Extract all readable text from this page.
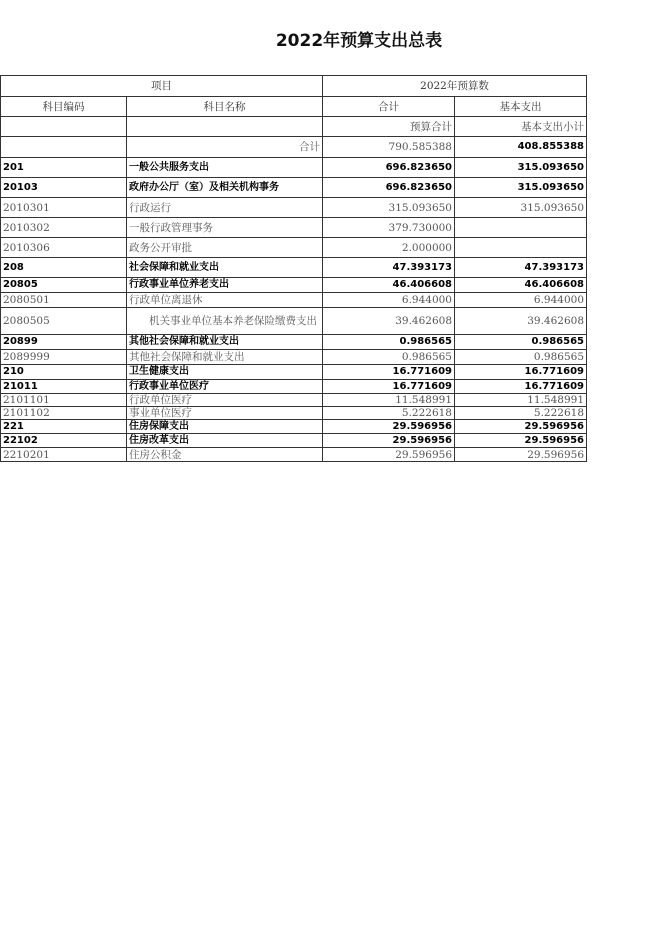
2022年预算支出总表
项目		2022年预算数	
科目编码	科目名称	合计	基本支出
		预算合计	基本支出小计
	合计	790.585388	408.855388
201	一般公共服务支出	696.823650	315.093650
20103	政府办公厅（室）及相关机构事务	696.823650	315.093650
2010301	行政运行	315.093650	315.093650
2010302	一般行政管理事务	379.730000	
2010306	政务公开审批	2.000000	
208	社会保障和就业支出	47.393173	47.393173
20805	行政事业单位养老支出	46.406608	46.406608
2080501	行政单位离退休	6.944000	6.944000
2080505	机关事业单位基本养老保险缴费支出	39.462608	39.462608
20899	其他社会保障和就业支出	0.986565	0.986565
2089999	其他社会保障和就业支出	0.986565	0.986565
210	卫生健康支出	16.771609	16.771609
21011	行政事业单位医疗	16.771609	16.771609
2101101	行政单位医疗	11.548991	11.548991
2101102	事业单位医疗	5.222618	5.222618
221	住房保障支出	29.596956	29.596956
22102	住房改革支出	29.596956	29.596956
2210201	住房公积金	29.596956	29.596956
